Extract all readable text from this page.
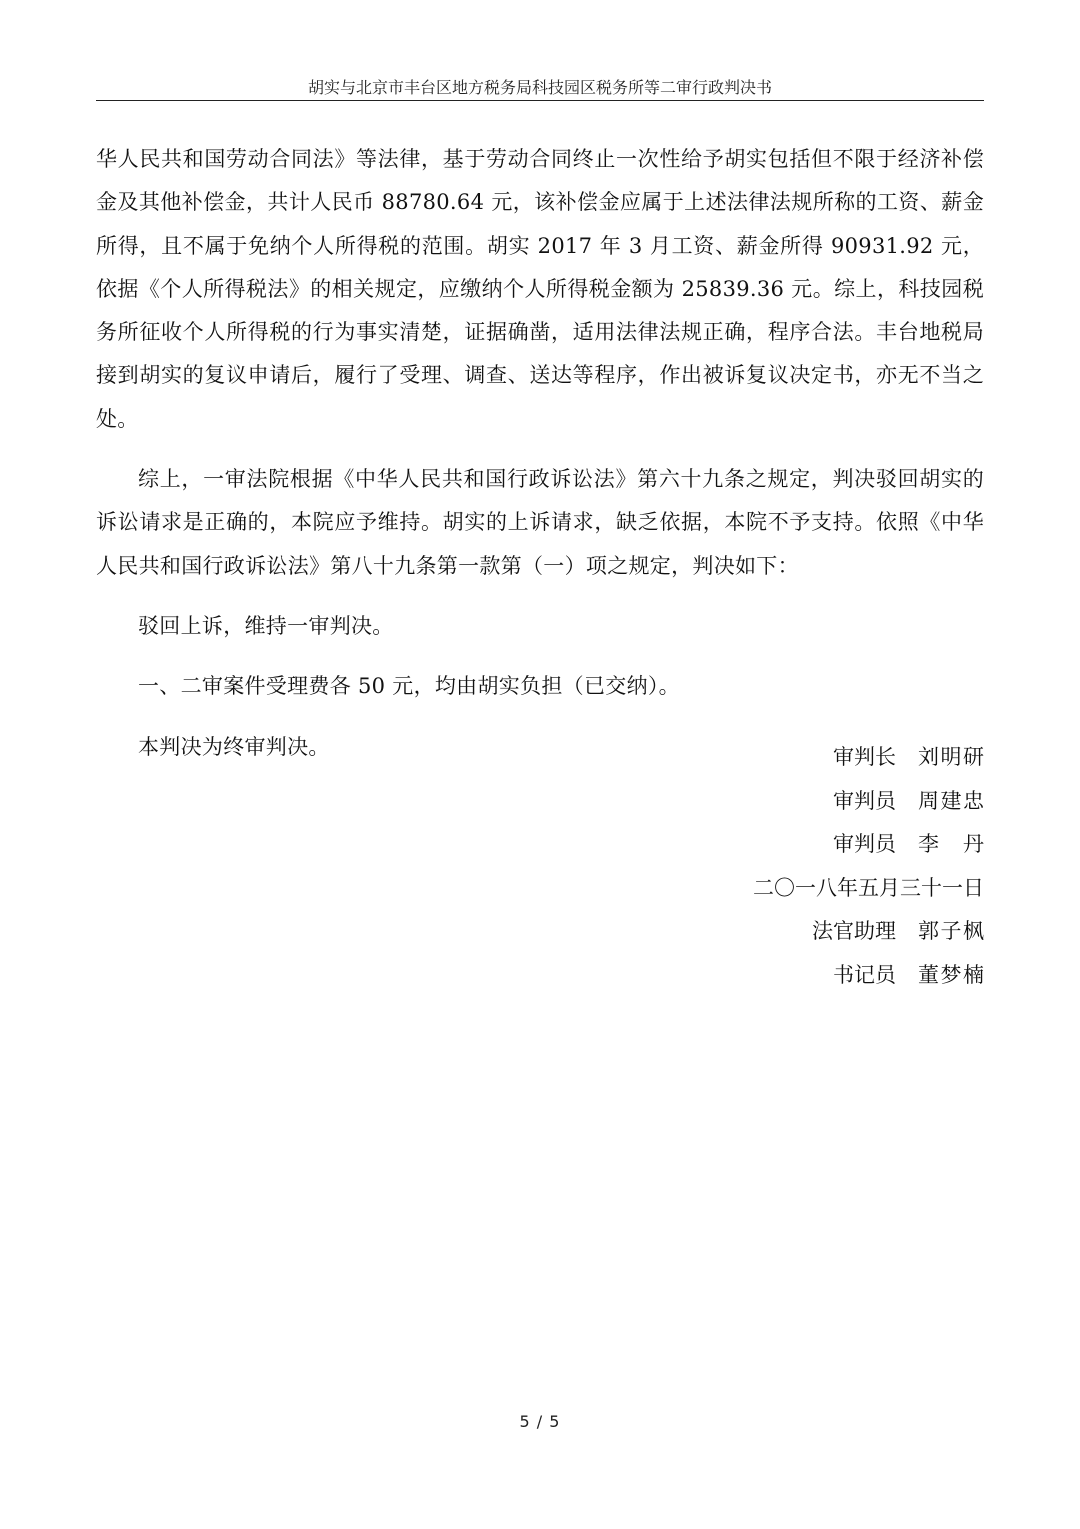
胡实与北京市丰台区地方税务局科技园区税务所等二审行政判决书

华人民共和国劳动合同法》等法律，基于劳动合同终止一次性给予胡实包括但不限于经济补偿金及其他补偿金，共计人民币 88780.64 元，该补偿金应属于上述法律法规所称的工资、薪金所得，且不属于免纳个人所得税的范围。胡实 2017 年 3 月工资、薪金所得 90931.92 元，依据《个人所得税法》的相关规定，应缴纳个人所得税金额为 25839.36 元。综上，科技园税务所征收个人所得税的行为事实清楚，证据确凿，适用法律法规正确，程序合法。丰台地税局接到胡实的复议申请后，履行了受理、调查、送达等程序，作出被诉复议决定书，亦无不当之处。

综上，一审法院根据《中华人民共和国行政诉讼法》第六十九条之规定，判决驳回胡实的诉讼请求是正确的，本院应予维持。胡实的上诉请求，缺乏依据，本院不予支持。依照《中华人民共和国行政诉讼法》第八十九条第一款第（一）项之规定，判决如下：

驳回上诉，维持一审判决。

一、二审案件受理费各 50 元，均由胡实负担（已交纳）。

本判决为终审判决。	审判长 刘明研
审判员 周建忠
审判员 李丹
二〇一八年五月三十一日
法官助理 郭子枫
书记员 董梦楠
5 / 5
